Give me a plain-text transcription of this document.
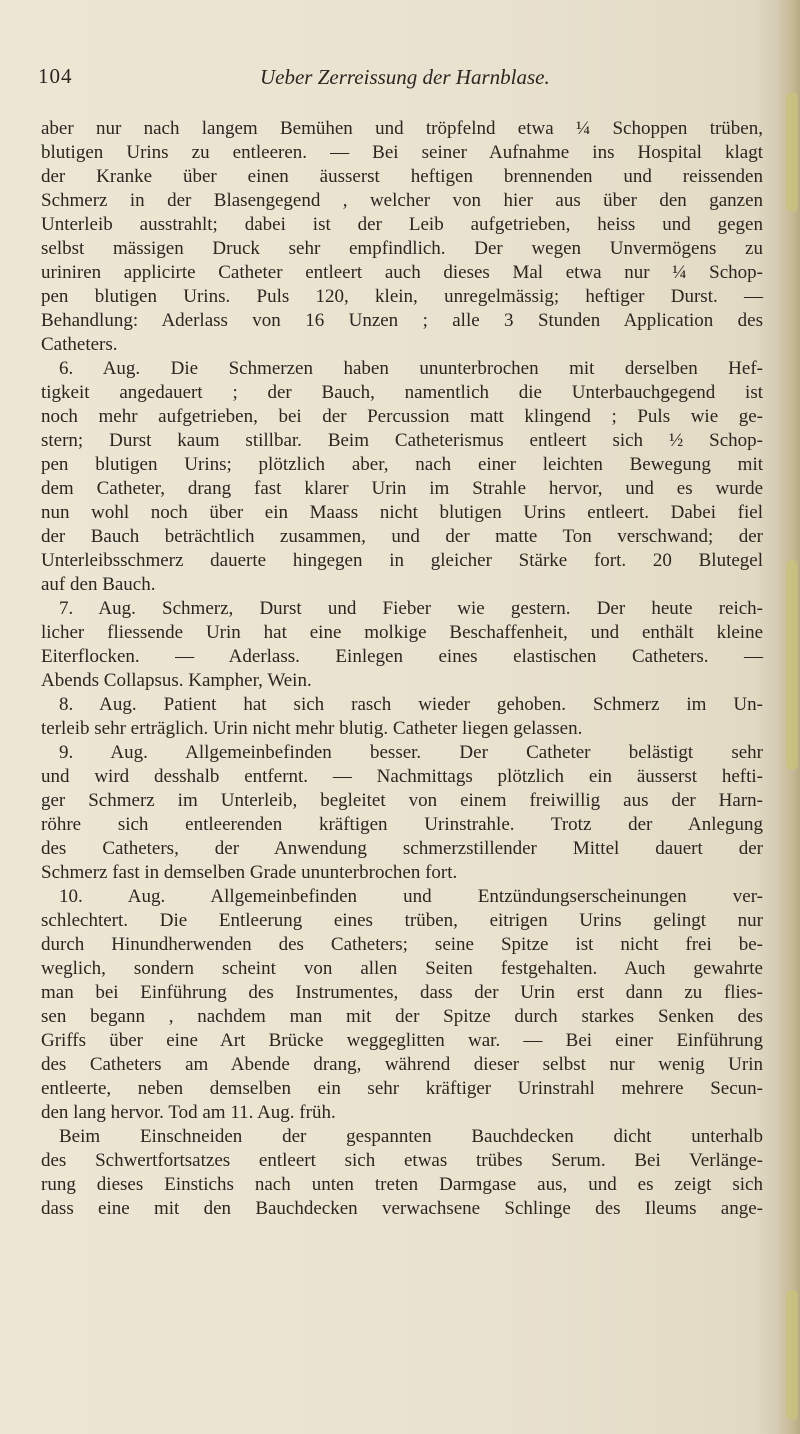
104	Ueber Zerreissung der Harnblase.
aber nur nach langem Bemühen und tröpfelnd etwa ¼ Schoppen trüben,
blutigen Urins zu entleeren. — Bei seiner Aufnahme ins Hospital klagt
der Kranke über einen äusserst heftigen brennenden und reissenden
Schmerz in der Blasengegend , welcher von hier aus über den ganzen
Unterleib ausstrahlt; dabei ist der Leib aufgetrieben, heiss und gegen
selbst mässigen Druck sehr empfindlich. Der wegen Unvermögens zu
uriniren applicirte Catheter entleert auch dieses Mal etwa nur ¼ Schop-
pen blutigen Urins. Puls 120, klein, unregelmässig; heftiger Durst. —
Behandlung: Aderlass von 16 Unzen ; alle 3 Stunden Application des
Catheters.
6. Aug. Die Schmerzen haben ununterbrochen mit derselben Hef-
tigkeit angedauert ; der Bauch, namentlich die Unterbauchgegend ist
noch mehr aufgetrieben, bei der Percussion matt klingend ; Puls wie ge-
stern; Durst kaum stillbar. Beim Catheterismus entleert sich ½ Schop-
pen blutigen Urins; plötzlich aber, nach einer leichten Bewegung mit
dem Catheter, drang fast klarer Urin im Strahle hervor, und es wurde
nun wohl noch über ein Maass nicht blutigen Urins entleert. Dabei fiel
der Bauch beträchtlich zusammen, und der matte Ton verschwand; der
Unterleibsschmerz dauerte hingegen in gleicher Stärke fort. 20 Blutegel
auf den Bauch.
7. Aug. Schmerz, Durst und Fieber wie gestern. Der heute reich-
licher fliessende Urin hat eine molkige Beschaffenheit, und enthält kleine
Eiterflocken. — Aderlass. Einlegen eines elastischen Catheters. —
Abends Collapsus. Kampher, Wein.
8. Aug. Patient hat sich rasch wieder gehoben. Schmerz im Un-
terleib sehr erträglich. Urin nicht mehr blutig. Catheter liegen gelassen.
9. Aug. Allgemeinbefinden besser. Der Catheter belästigt sehr
und wird desshalb entfernt. — Nachmittags plötzlich ein äusserst hefti-
ger Schmerz im Unterleib, begleitet von einem freiwillig aus der Harn-
röhre sich entleerenden kräftigen Urinstrahle. Trotz der Anlegung
des Catheters, der Anwendung schmerzstillender Mittel dauert der
Schmerz fast in demselben Grade ununterbrochen fort.
10. Aug. Allgemeinbefinden und Entzündungserscheinungen ver-
schlechtert. Die Entleerung eines trüben, eitrigen Urins gelingt nur
durch Hinundherwenden des Catheters; seine Spitze ist nicht frei be-
weglich, sondern scheint von allen Seiten festgehalten. Auch gewahrte
man bei Einführung des Instrumentes, dass der Urin erst dann zu flies-
sen begann , nachdem man mit der Spitze durch starkes Senken des
Griffs über eine Art Brücke weggeglitten war. — Bei einer Einführung
des Catheters am Abende drang, während dieser selbst nur wenig Urin
entleerte, neben demselben ein sehr kräftiger Urinstrahl mehrere Secun-
den lang hervor. Tod am 11. Aug. früh.
Beim Einschneiden der gespannten Bauchdecken dicht unterhalb
des Schwertfortsatzes entleert sich etwas trübes Serum. Bei Verlänge-
rung dieses Einstichs nach unten treten Darmgase aus, und es zeigt sich
dass eine mit den Bauchdecken verwachsene Schlinge des Ileums ange-
